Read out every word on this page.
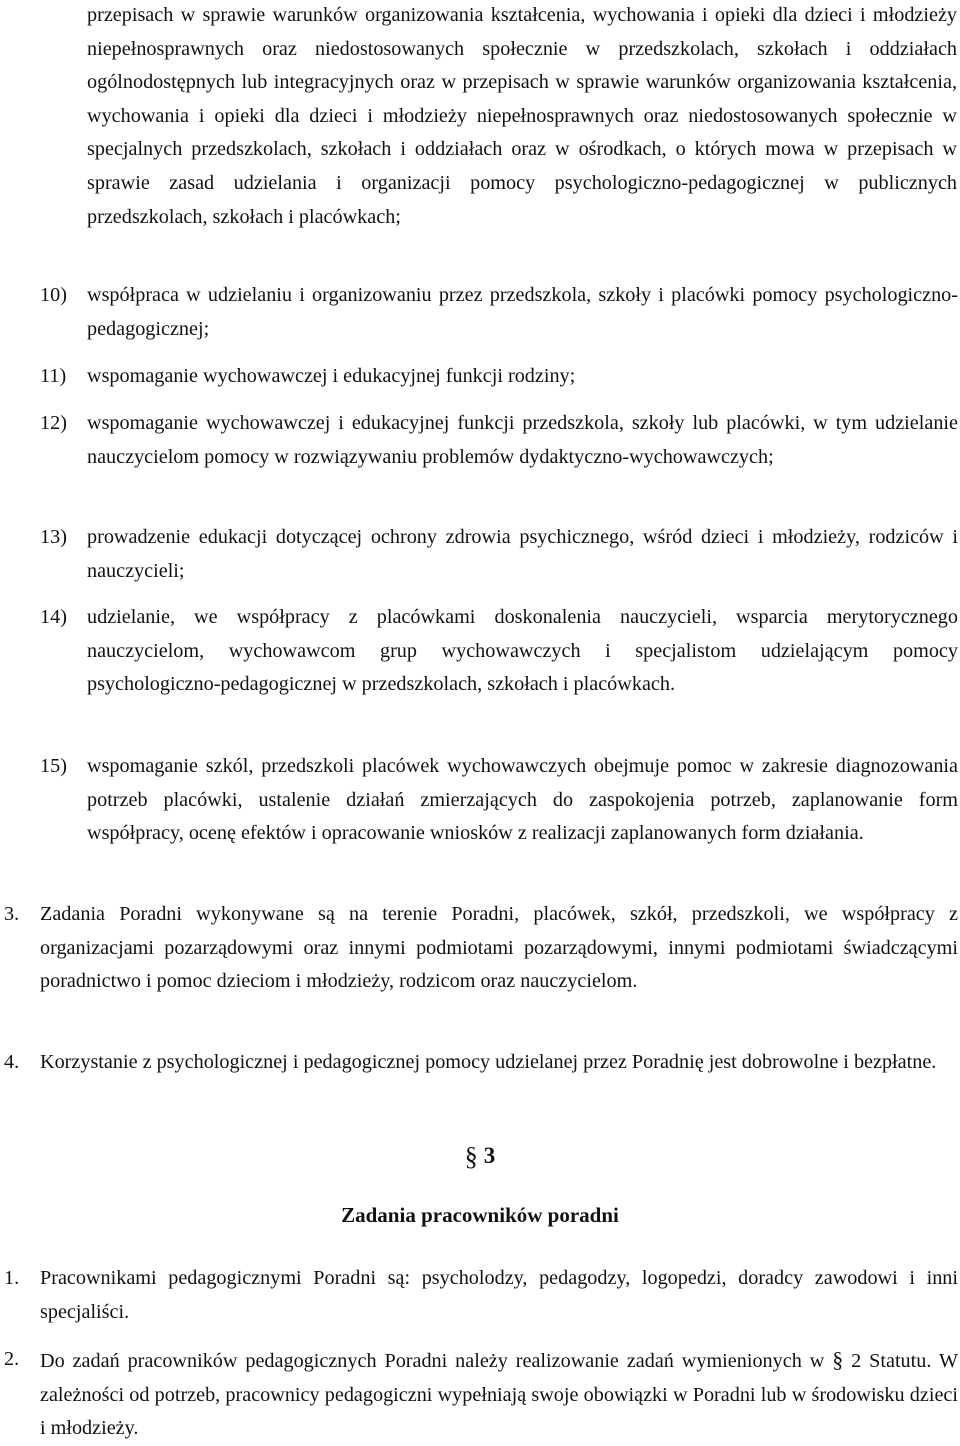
przepisach w sprawie warunków organizowania kształcenia, wychowania i opieki dla dzieci i młodzieży niepełnosprawnych oraz niedostosowanych społecznie w przedszkolach, szkołach i oddziałach ogólnodostępnych lub integracyjnych oraz w przepisach w sprawie warunków organizowania kształcenia, wychowania i opieki dla dzieci i młodzieży niepełnosprawnych oraz niedostosowanych społecznie w specjalnych przedszkolach, szkołach i oddziałach oraz w ośrodkach, o których mowa w przepisach w sprawie zasad udzielania i organizacji pomocy psychologiczno-pedagogicznej w publicznych przedszkolach, szkołach i placówkach;

10) współpraca w udzielaniu i organizowaniu przez przedszkola, szkoły i placówki pomocy psychologiczno-pedagogicznej;
11) wspomaganie wychowawczej i edukacyjnej funkcji rodziny;
12) wspomaganie wychowawczej i edukacyjnej funkcji przedszkola, szkoły lub placówki, w tym udzielanie nauczycielom pomocy w rozwiązywaniu problemów dydaktyczno-wychowawczych;
13) prowadzenie edukacji dotyczącej ochrony zdrowia psychicznego, wśród dzieci i młodzieży, rodziców i nauczycieli;
14) udzielanie, we współpracy z placówkami doskonalenia nauczycieli, wsparcia merytorycznego nauczycielom, wychowawcom grup wychowawczych i specjalistom udzielającym pomocy psychologiczno-pedagogicznej w przedszkolach, szkołach i placówkach.
15) wspomaganie szkól, przedszkoli placówek wychowawczych obejmuje pomoc w zakresie diagnozowania potrzeb placówki, ustalenie działań zmierzających do zaspokojenia potrzeb, zaplanowanie form współpracy, ocenę efektów i opracowanie wniosków z realizacji zaplanowanych form działania.
3. Zadania Poradni wykonywane są na terenie Poradni, placówek, szkół, przedszkoli, we współpracy z organizacjami pozarządowymi oraz innymi podmiotami pozarządowymi, innymi podmiotami świadczącymi poradnictwo i pomoc dzieciom i młodzieży, rodzicom oraz nauczycielom.
4. Korzystanie z psychologicznej i pedagogicznej pomocy udzielanej przez Poradnię jest dobrowolne i bezpłatne.
§ 3
Zadania pracowników poradni
1. Pracownikami pedagogicznymi Poradni są: psycholodzy, pedagodzy, logopedzi, doradcy zawodowi i inni specjaliści.
2. Do zadań pracowników pedagogicznych Poradni należy realizowanie zadań wymienionych w § 2 Statutu. W zależności od potrzeb, pracownicy pedagogiczni wypełniają swoje obowiązki w Poradni lub w środowisku dzieci i młodzieży.
